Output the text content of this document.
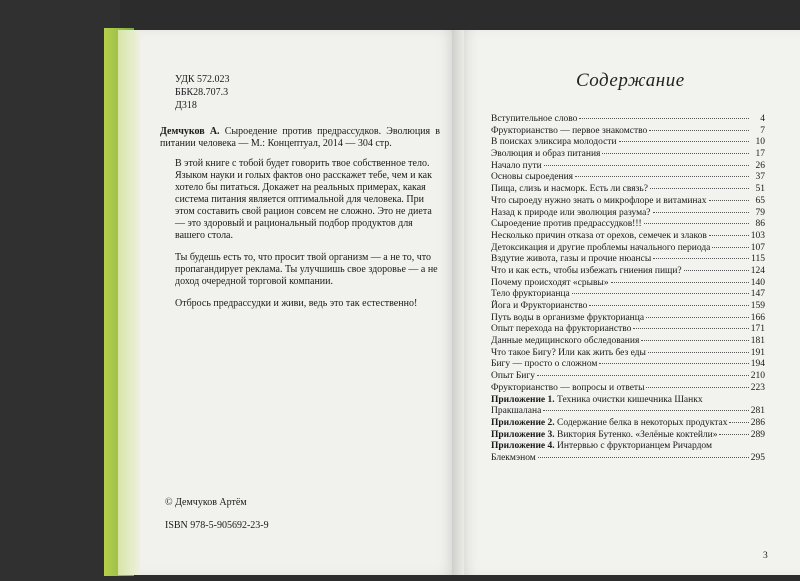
УДК 572.023
ББК28.707.3
Д318
Демчуков А. Сыроедение против предрассудков. Эволюция в питании человека — М.: Концептуал, 2014 — 304 стр.

В этой книге с тобой будет говорить твое собственное тело. Языком науки и голых фактов оно расскажет тебе, чем и как хотело бы питаться. Докажет на реальных примерах, какая система питания является оптимальной для человека. При этом составить свой рацион совсем не сложно. Это не диета — это здоровый и рациональный подбор продуктов для вашего стола.

Ты будешь есть то, что просит твой организм — а не то, что пропагандирует реклама. Ты улучшишь свое здоровье — а не доход очередной торговой компании.

Отбрось предрассудки и живи, ведь это так естественно!

© Демчуков Артём
ISBN 978-5-905692-23-9
Содержание
Вступительное слово	4
Фрукторианство — первое знакомство	7
В поисках эликсира молодости	10
Эволюция и образ питания	17
Начало пути	26
Основы сыроедения	37
Пища, слизь и насморк. Есть ли связь?	51
Что сыроеду нужно знать о микрофлоре и витаминах	65
Назад к природе или эволюция разума?	79
Сыроедение против предрассудков!!!	86
Несколько причин отказа от орехов, семечек и злаков	103
Детоксикация и другие проблемы начального периода	107
Вздутие живота, газы и прочие нюансы	115
Что и как есть, чтобы избежать гниения пищи?	124
Почему происходят «срывы»	140
Тело фрукторианца	147
Йога и Фрукторианство	159
Путь воды в организме фрукторианца	166
Опыт перехода на фрукторианство	171
Данные медицинского обследования	181
Что такое Бигу? Или как жить без еды	191
Бигу — просто о сложном	194
Опыт Бигу	210
Фрукторианство — вопросы и ответы	223
Приложение 1. Техника очистки кишечника Шанкх
Пракшалана	281
Приложение 2. Содержание белка в некоторых продуктах 286
Приложение 3. Виктория Бутенко. «Зелёные коктейли»	289
Приложение 4. Интервью с фрукторианцем Ричардом
Блекмэном	295
3
